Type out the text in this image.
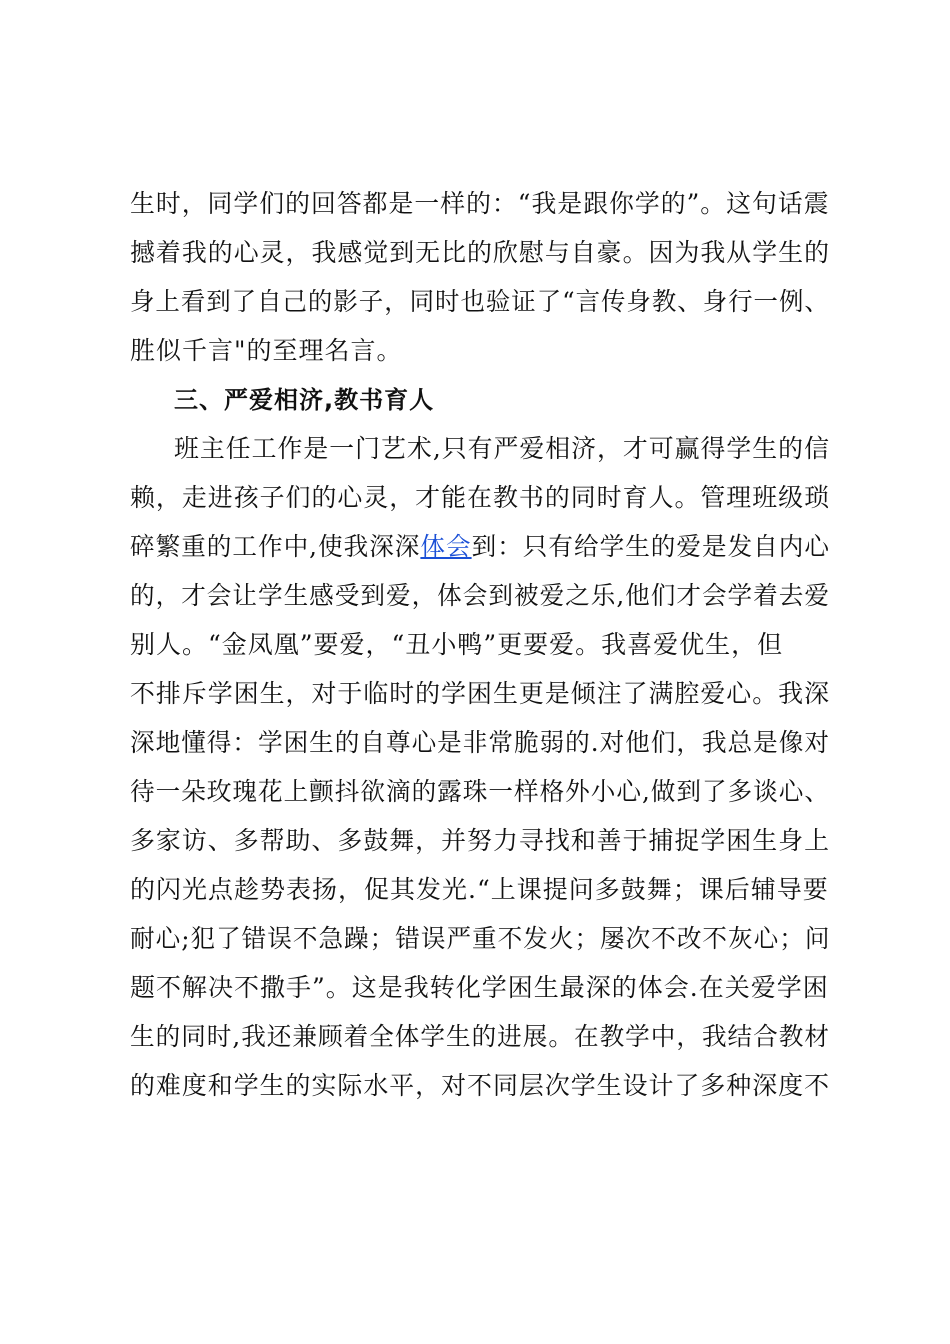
生时，同学们的回答都是一样的：“我是跟你学的”。这句话震
撼着我的心灵，我感觉到无比的欣慰与自豪。因为我从学生的
身上看到了自己的影子，同时也验证了“言传身教、身行一例、
胜似千言"的至理名言。
三、严爱相济,教书育人
班主任工作是一门艺术,只有严爱相济，才可赢得学生的信
赖，走进孩子们的心灵，才能在教书的同时育人。管理班级琐
碎繁重的工作中,使我深深体会到：只有给学生的爱是发自内心
的，才会让学生感受到爱，体会到被爱之乐,他们才会学着去爱
别人。“金凤凰”要爱，“丑小鸭”更要爱。我喜爱优生，但
不排斥学困生，对于临时的学困生更是倾注了满腔爱心。我深
深地懂得：学困生的自尊心是非常脆弱的.对他们，我总是像对
待一朵玫瑰花上颤抖欲滴的露珠一样格外小心,做到了多谈心、
多家访、多帮助、多鼓舞，并努力寻找和善于捕捉学困生身上
的闪光点趁势表扬，促其发光.“上课提问多鼓舞；课后辅导要
耐心;犯了错误不急躁；错误严重不发火；屡次不改不灰心；问
题不解决不撒手”。这是我转化学困生最深的体会.在关爱学困
生的同时,我还兼顾着全体学生的进展。在教学中，我结合教材
的难度和学生的实际水平，对不同层次学生设计了多种深度不
